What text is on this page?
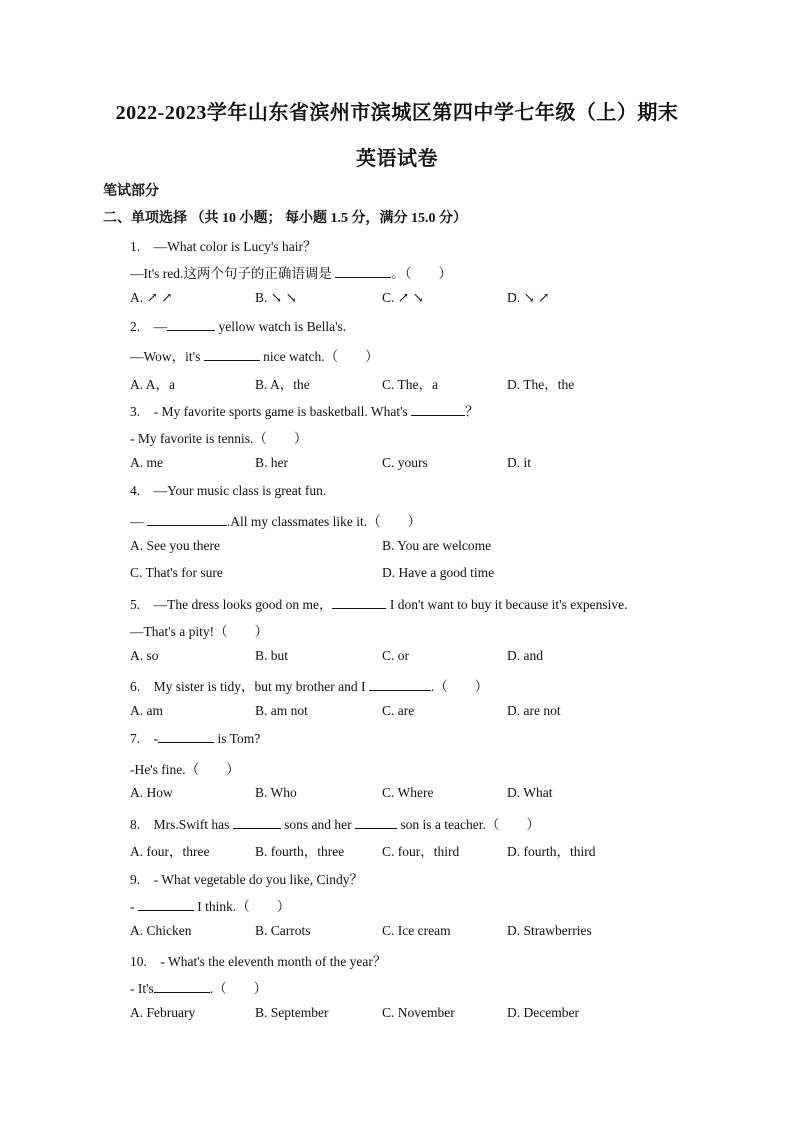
2022-2023学年山东省滨州市滨城区第四中学七年级（上）期末
英语试卷
笔试部分
二、单项选择 （共 10 小题； 每小题 1.5 分，满分 15.0 分）
1. —What color is Lucy's hair？
—It's red.这两个句子的正确语调是	。（　　）
A. ↗ ↗	B. ↘ ↘	C. ↗ ↘	D. ↘ ↗
2. —	yellow watch is Bella's.
—Wow，it's	nice watch.（　　）
A. A，a	B. A，the	C. The，a	D. The，the
3. - My favorite sports game is basketball. What's	？
- My favorite is tennis.（　　）
A. me	B. her	C. yours	D. it
4. —Your music class is great fun.
—	.All my classmates like it.（　　）
A. See you there	B. You are welcome
C. That's for sure	D. Have a good time
5. —The dress looks good on me，	I don't want to buy it because it's expensive.
—That's a pity!（　　）
A. so	B. but	C. or	D. and
6. My sister is tidy，but my brother and I	.（　　）
A. am	B. am not	C. are	D. are not
7. -	is Tom?
-He's fine.（　　）
A. How	B. Who	C. Where	D. What
8. Mrs.Swift has	sons and her	son is a teacher.（　　）
A. four，three	B. fourth，three	C. four，third	D. fourth，third
9. - What vegetable do you like, Cindy？
-	I think.（　　）
A. Chicken	B. Carrots	C. Ice cream	D. Strawberries
10. - What's the eleventh month of the year？
- It's	.（　　）
A. February	B. September	C. November	D. December
